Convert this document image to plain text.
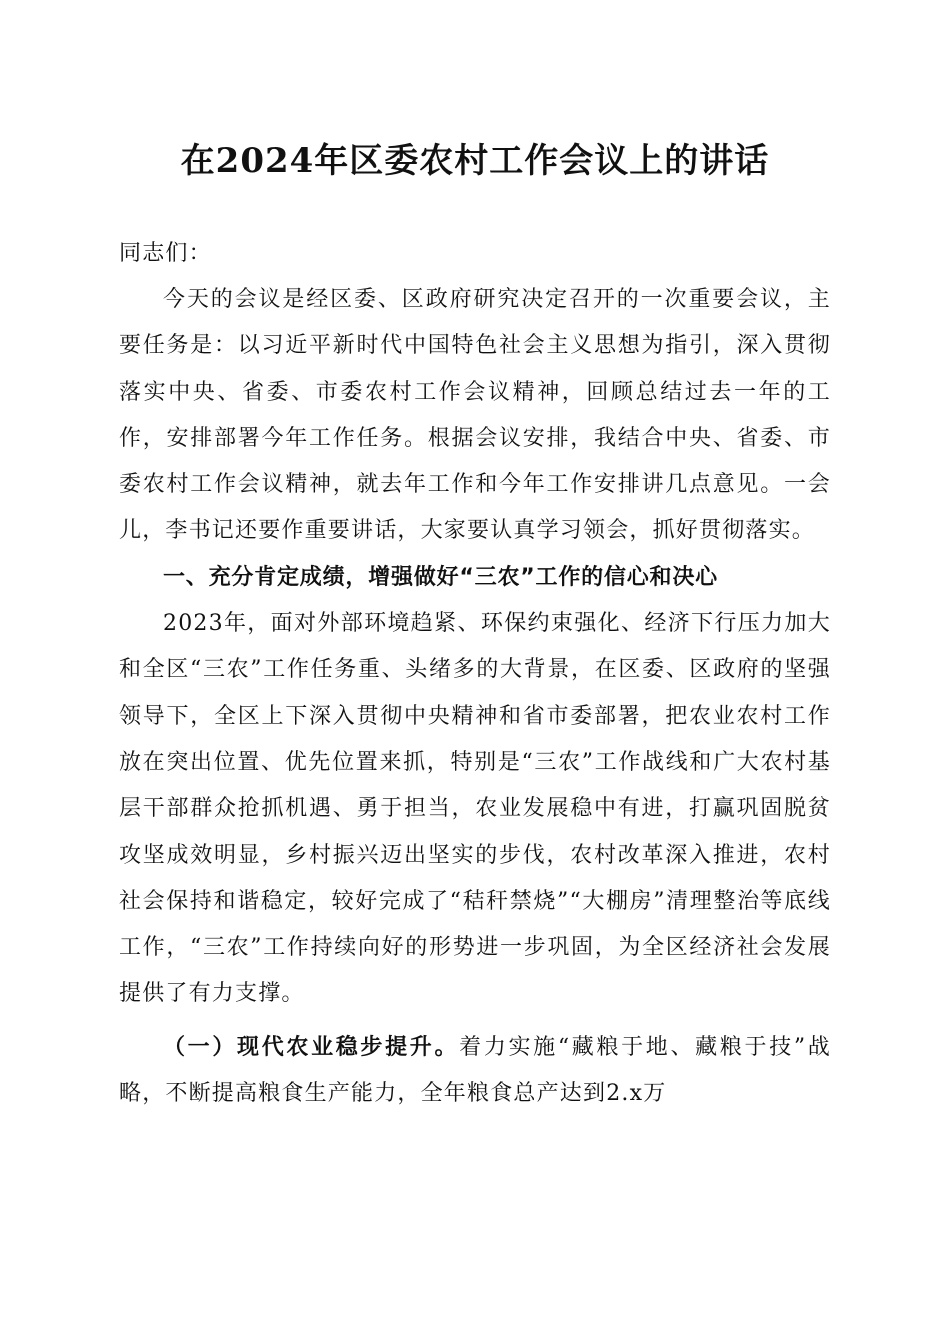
在2024年区委农村工作会议上的讲话
同志们：

今天的会议是经区委、区政府研究决定召开的一次重要会议，主要任务是：以习近平新时代中国特色社会主义思想为指引，深入贯彻落实中央、省委、市委农村工作会议精神，回顾总结过去一年的工作，安排部署今年工作任务。根据会议安排，我结合中央、省委、市委农村工作会议精神，就去年工作和今年工作安排讲几点意见。一会儿，李书记还要作重要讲话，大家要认真学习领会，抓好贯彻落实。

一、充分肯定成绩，增强做好“三农”工作的信心和决心

2023年，面对外部环境趋紧、环保约束强化、经济下行压力加大和全区“三农”工作任务重、头绪多的大背景，在区委、区政府的坚强领导下，全区上下深入贯彻中央精神和省市委部署，把农业农村工作放在突出位置、优先位置来抓，特别是“三农”工作战线和广大农村基层干部群众抢抓机遇、勇于担当，农业发展稳中有进，打赢巩固脱贫攻坚成效明显，乡村振兴迈出坚实的步伐，农村改革深入推进，农村社会保持和谐稳定，较好完成了“秸秆禁烧”“大棚房”清理整治等底线工作，“三农”工作持续向好的形势进一步巩固，为全区经济社会发展提供了有力支撑。

（一）现代农业稳步提升。着力实施“藏粮于地、藏粮于技”战略，不断提高粮食生产能力，全年粮食总产达到2.x万
